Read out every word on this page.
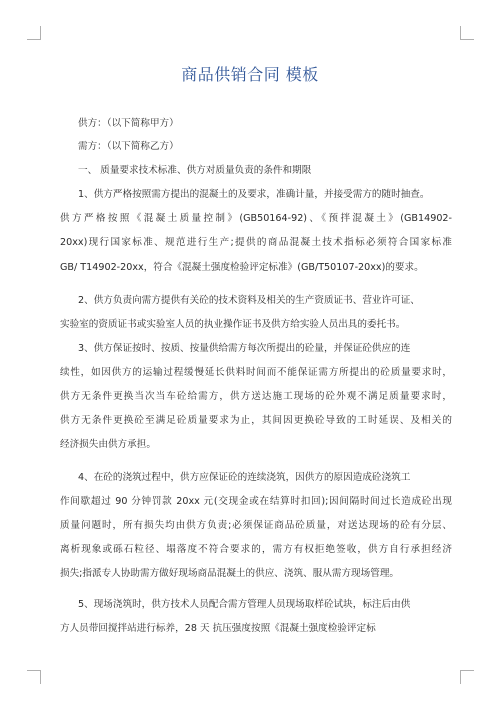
商品供销合同 模板
供方：（以下简称甲方）
需方：（以下简称乙方）
一、 质量要求技术标准、供方对质量负责的条件和期限
1、供方严格按照需方提出的混凝土的及要求，准确计量，并接受需方的随时抽查。
供方严格按照《混凝土质量控制》(GB50164-92)、《预拌混凝土》(GB14902-
20xx)现行国家标准、规范进行生产;提供的商品混凝土技术指标必须符合国家标准
GB/ T14902-20xx，符合《混凝土强度检验评定标准》(GB/T50107-20xx)的要求。
2、供方负责向需方提供有关砼的技术资料及相关的生产资质证书、营业许可证、
实验室的资质证书或实验室人员的执业操作证书及供方给实验人员出具的委托书。
3、供方保证按时、按质、按量供给需方每次所提出的砼量，并保证砼供应的连
续性，如因供方的运输过程缓慢延长供料时间而不能保证需方所提出的砼质量要求时，
供方无条件更换当次当车砼给需方，供方送达施工现场的砼外观不满足质量要求时，
供方无条件更换砼至满足砼质量要求为止，其间因更换砼导致的工时延误、及相关的
经济损失由供方承担。
4、在砼的浇筑过程中，供方应保证砼的连续浇筑，因供方的原因造成砼浇筑工
作间歇超过 90 分钟罚款 20xx 元(交现金或在结算时扣回);因间隔时间过长造成砼出现
质量问题时，所有损失均由供方负责;必须保证商品砼质量，对送达现场的砼有分层、
离析现象或砾石粒径、塌落度不符合要求的，需方有权拒绝签收，供方自行承担经济
损失;指派专人协助需方做好现场商品混凝土的供应、浇筑、服从需方现场管理。
5、现场浇筑时，供方技术人员配合需方管理人员现场取样砼试块，标注后由供
方人员带回搅拌站进行标养，28 天 抗压强度按照《混凝土强度检验评定标
